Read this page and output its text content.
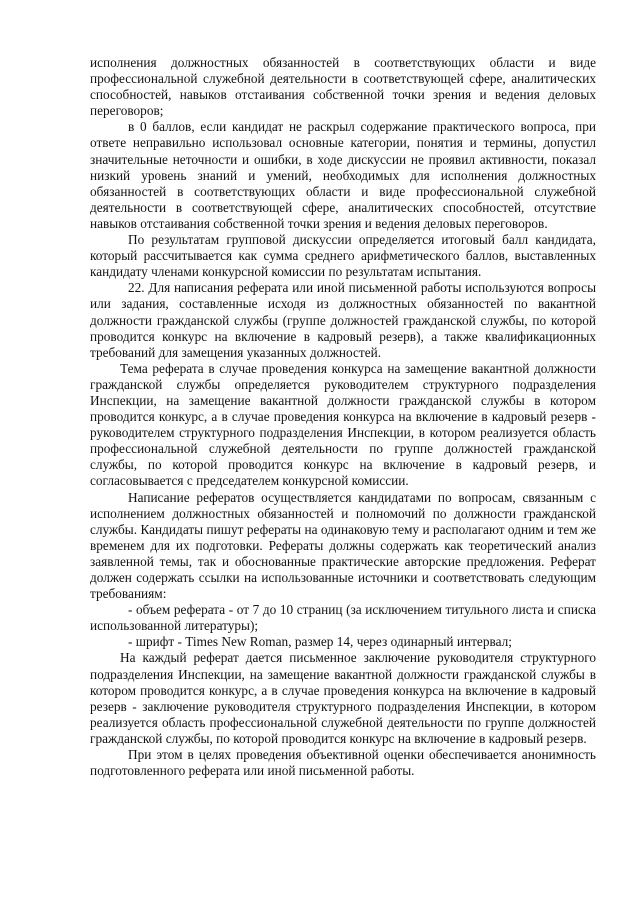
исполнения должностных обязанностей в соответствующих области и виде профессиональной служебной деятельности в соответствующей сфере, аналитических способностей, навыков отстаивания собственной точки зрения и ведения деловых переговоров;

в 0 баллов, если кандидат не раскрыл содержание практического вопроса, при ответе неправильно использовал основные категории, понятия и термины, допустил значительные неточности и ошибки, в ходе дискуссии не проявил активности, показал низкий уровень знаний и умений, необходимых для исполнения должностных обязанностей в соответствующих области и виде профессиональной служебной деятельности в соответствующей сфере, аналитических способностей, отсутствие навыков отстаивания собственной точки зрения и ведения деловых переговоров.

По результатам групповой дискуссии определяется итоговый балл кандидата, который рассчитывается как сумма среднего арифметического баллов, выставленных кандидату членами конкурсной комиссии по результатам испытания.

22. Для написания реферата или иной письменной работы используются вопросы или задания, составленные исходя из должностных обязанностей по вакантной должности гражданской службы (группе должностей гражданской службы, по которой проводится конкурс на включение в кадровый резерв), а также квалификационных требований для замещения указанных должностей.

Тема реферата в случае проведения конкурса на замещение вакантной должности гражданской службы определяется руководителем структурного подразделения Инспекции, на замещение вакантной должности гражданской службы в котором проводится конкурс, а в случае проведения конкурса на включение в кадровый резерв - руководителем структурного подразделения Инспекции, в котором реализуется область профессиональной служебной деятельности по группе должностей гражданской службы, по которой проводится конкурс на включение в кадровый резерв, и согласовывается с председателем конкурсной комиссии.

Написание рефератов осуществляется кандидатами по вопросам, связанным с исполнением должностных обязанностей и полномочий по должности гражданской службы. Кандидаты пишут рефераты на одинаковую тему и располагают одним и тем же временем для их подготовки. Рефераты должны содержать как теоретический анализ заявленной темы, так и обоснованные практические авторские предложения. Реферат должен содержать ссылки на использованные источники и соответствовать следующим требованиям:

- объем реферата - от 7 до 10 страниц (за исключением титульного листа и списка использованной литературы);

- шрифт - Times New Roman, размер 14, через одинарный интервал;

На каждый реферат дается письменное заключение руководителя структурного подразделения Инспекции, на замещение вакантной должности гражданской службы в котором проводится конкурс, а в случае проведения конкурса на включение в кадровый резерв - заключение руководителя структурного подразделения Инспекции, в котором реализуется область профессиональной служебной деятельности по группе должностей гражданской службы, по которой проводится конкурс на включение в кадровый резерв.

При этом в целях проведения объективной оценки обеспечивается анонимность подготовленного реферата или иной письменной работы.
